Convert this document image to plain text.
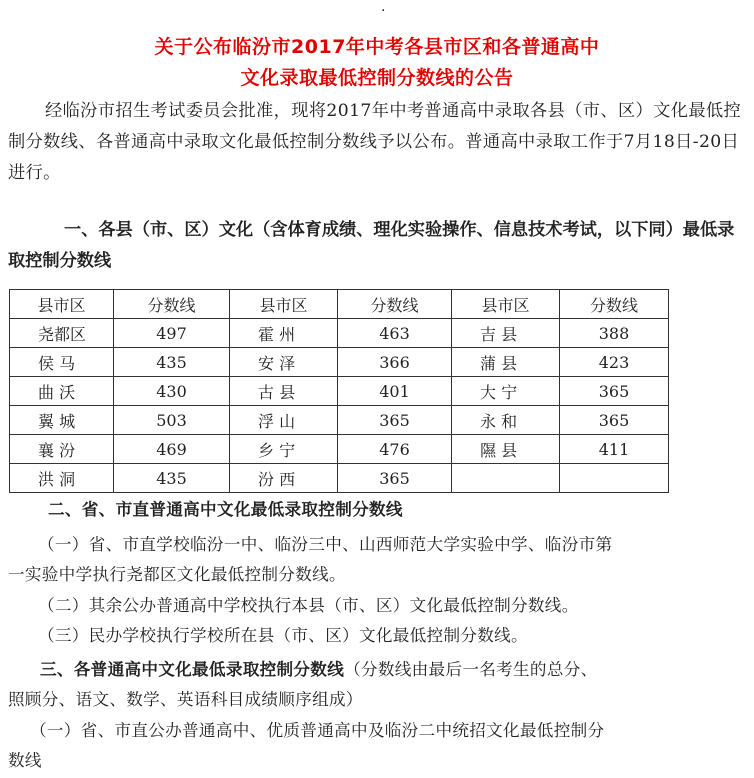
·
关于公布临汾市2017年中考各县市区和各普通高中
文化录取最低控制分数线的公告
经临汾市招生考试委员会批准，现将2017年中考普通高中录取各县（市、区）文化最低控制分数线、各普通高中录取文化最低控制分数线予以公布。普通高中录取工作于7月18日-20日进行。
一、各县（市、区）文化（含体育成绩、理化实验操作、信息技术考试，以下同）最低录取控制分数线
县市区	分数线	县市区	分数线	县市区	分数线
尧都区	497	霍 州	463	吉 县	388
侯 马	435	安 泽	366	蒲 县	423
曲 沃	430	古 县	401	大 宁	365
翼 城	503	浮 山	365	永 和	365
襄 汾	469	乡 宁	476	隰 县	411
洪 洞	435	汾 西	365		
二、省、市直普通高中文化最低录取控制分数线
（一）省、市直学校临汾一中、临汾三中、山西师范大学实验中学、临汾市第
一实验中学执行尧都区文化最低控制分数线。
（二）其余公办普通高中学校执行本县（市、区）文化最低控制分数线。
（三）民办学校执行学校所在县（市、区）文化最低控制分数线。
三、各普通高中文化最低录取控制分数线（分数线由最后一名考生的总分、
照顾分、语文、数学、英语科目成绩顺序组成）
（一）省、市直公办普通高中、优质普通高中及临汾二中统招文化最低控制分
数线
